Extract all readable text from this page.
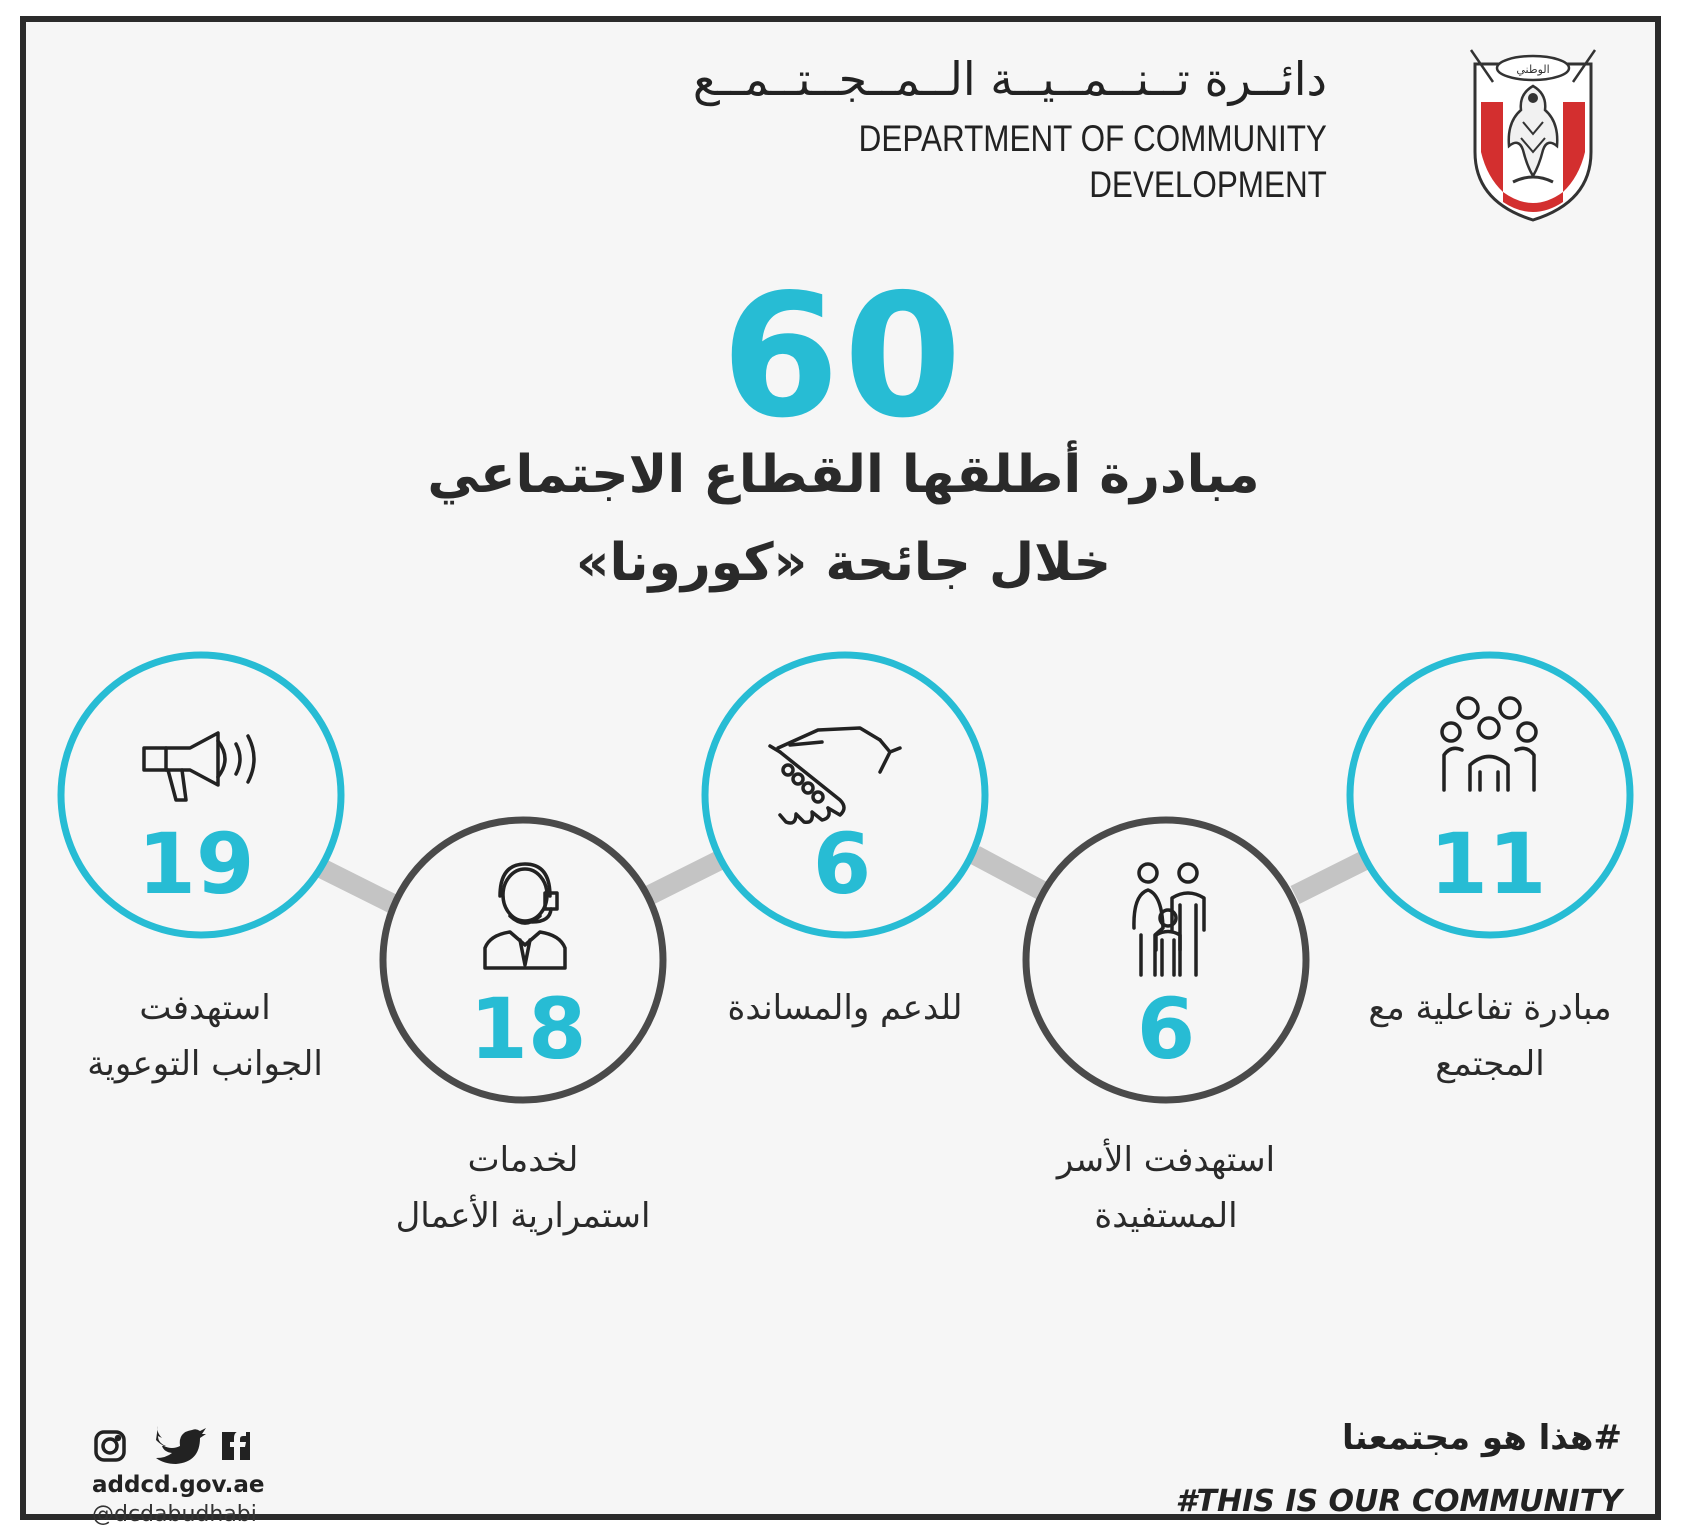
دائــرة تــنــمــيــة الــمــجــتــمــع
DEPARTMENT OF COMMUNITY
DEVELOPMENT
الوطني
60
مبادرة أطلقها القطاع الاجتماعي
خلال جائحة «كورونا»
19
18
6
6
11
استهدفت
الجوانب التوعوية
لخدمات
استمرارية الأعمال
للدعم والمساندة
استهدفت الأسر
المستفيدة
مبادرة تفاعلية مع
المجتمع
#هذا هو مجتمعنا
#THIS IS OUR COMMUNITY
addcd.gov.ae
@dcdabudhabi
